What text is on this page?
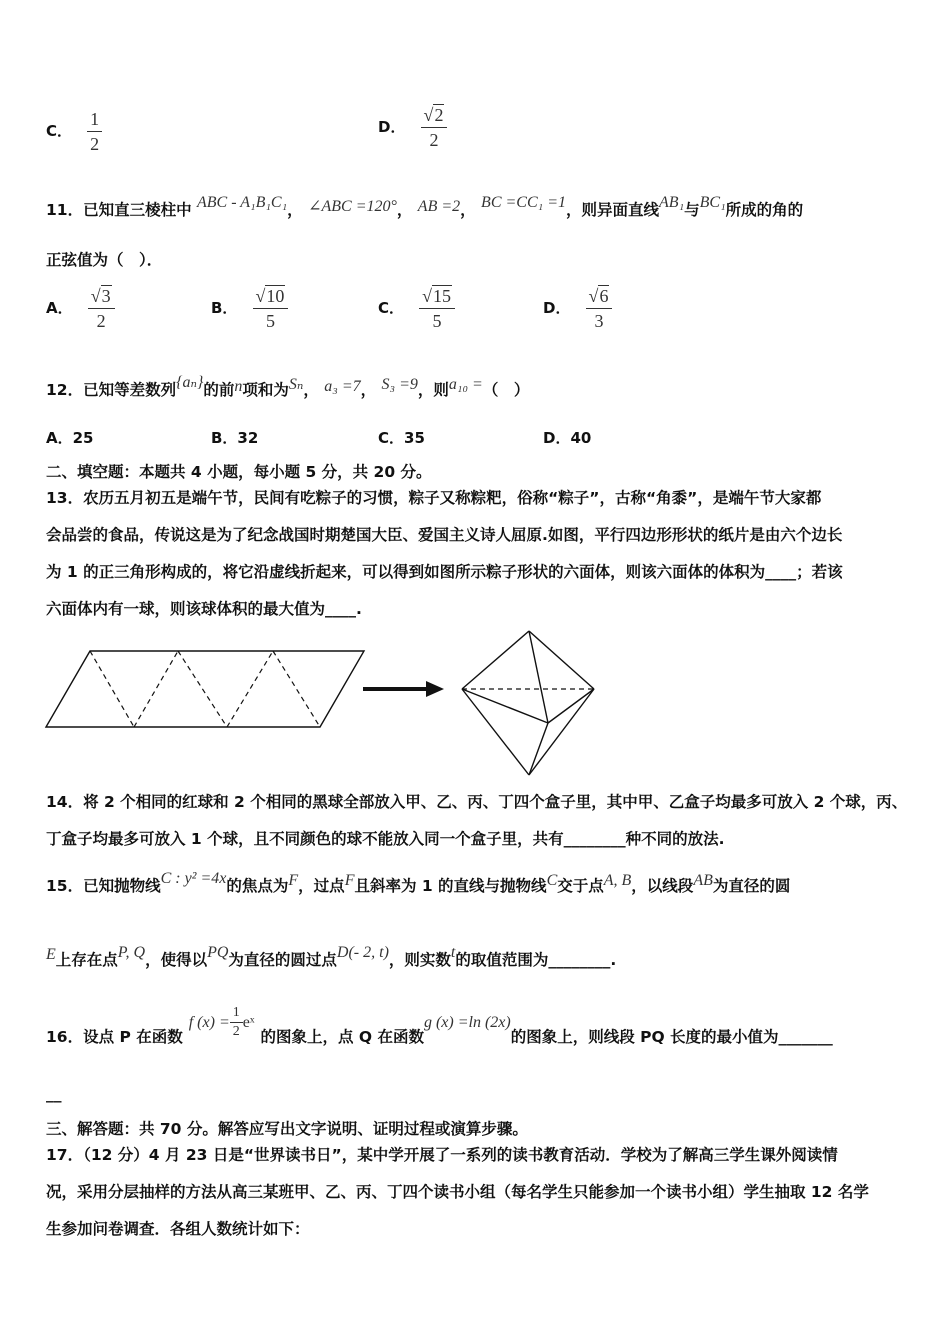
C． $\frac{1}{2}$	D． $\frac{√2}{2}$
11．已知直三棱柱中 ABC - A₁B₁C₁， ∠ABC =120°， AB =2， BC =CC₁ =1，则异面直线AB₁与BC₁所成的角的
正弦值为（　）．
A． $\frac{√3}{2}$	B． $\frac{√10}{5}$	C． $\frac{√15}{5}$	D． $\frac{√6}{3}$
12．已知等差数列{aₙ}的前n项和为Sₙ， a₃ =7， S₃ =9，则a₁₀ =（　）
A．25	B．32	C．35	D．40
二、填空题：本题共 4 小题，每小题 5 分，共 20 分。
13．农历五月初五是端午节，民间有吃粽子的习惯，粽子又称粽粑，俗称“粽子”，古称“角黍”，是端午节大家都
会品尝的食品，传说这是为了纪念战国时期楚国大臣、爱国主义诗人屈原.如图，平行四边形形状的纸片是由六个边长
为 1 的正三角形构成的，将它沿虚线折起来，可以得到如图所示粽子形状的六面体，则该六面体的体积为____；若该
六面体内有一球，则该球体积的最大值为____.
14．将 2 个相同的红球和 2 个相同的黑球全部放入甲、乙、丙、丁四个盒子里，其中甲、乙盒子均最多可放入 2 个球，丙、
丁盒子均最多可放入 1 个球，且不同颜色的球不能放入同一个盒子里，共有________种不同的放法.
15．已知抛物线C : y² =4x的焦点为F，过点F且斜率为 1 的直线与抛物线C交于点A, B，以线段AB为直径的圆
E上存在点P, Q，使得以PQ为直径的圆过点D(- 2, t)，则实数t的取值范围为________.
16．设点 P 在函数f $(x) = \frac{1}{2}$ eˣ的图象上，点 Q 在函数g (x) =ln (2x)的图象上，则线段 PQ 长度的最小值为_______
__
三、解答题：共 70 分。解答应写出文字说明、证明过程或演算步骤。
17．（12 分）4 月 23 日是“世界读书日”，某中学开展了一系列的读书教育活动．学校为了解高三学生课外阅读情
况，采用分层抽样的方法从高三某班甲、乙、丙、丁四个读书小组（每名学生只能参加一个读书小组）学生抽取 12 名学
生参加问卷调查．各组人数统计如下：
